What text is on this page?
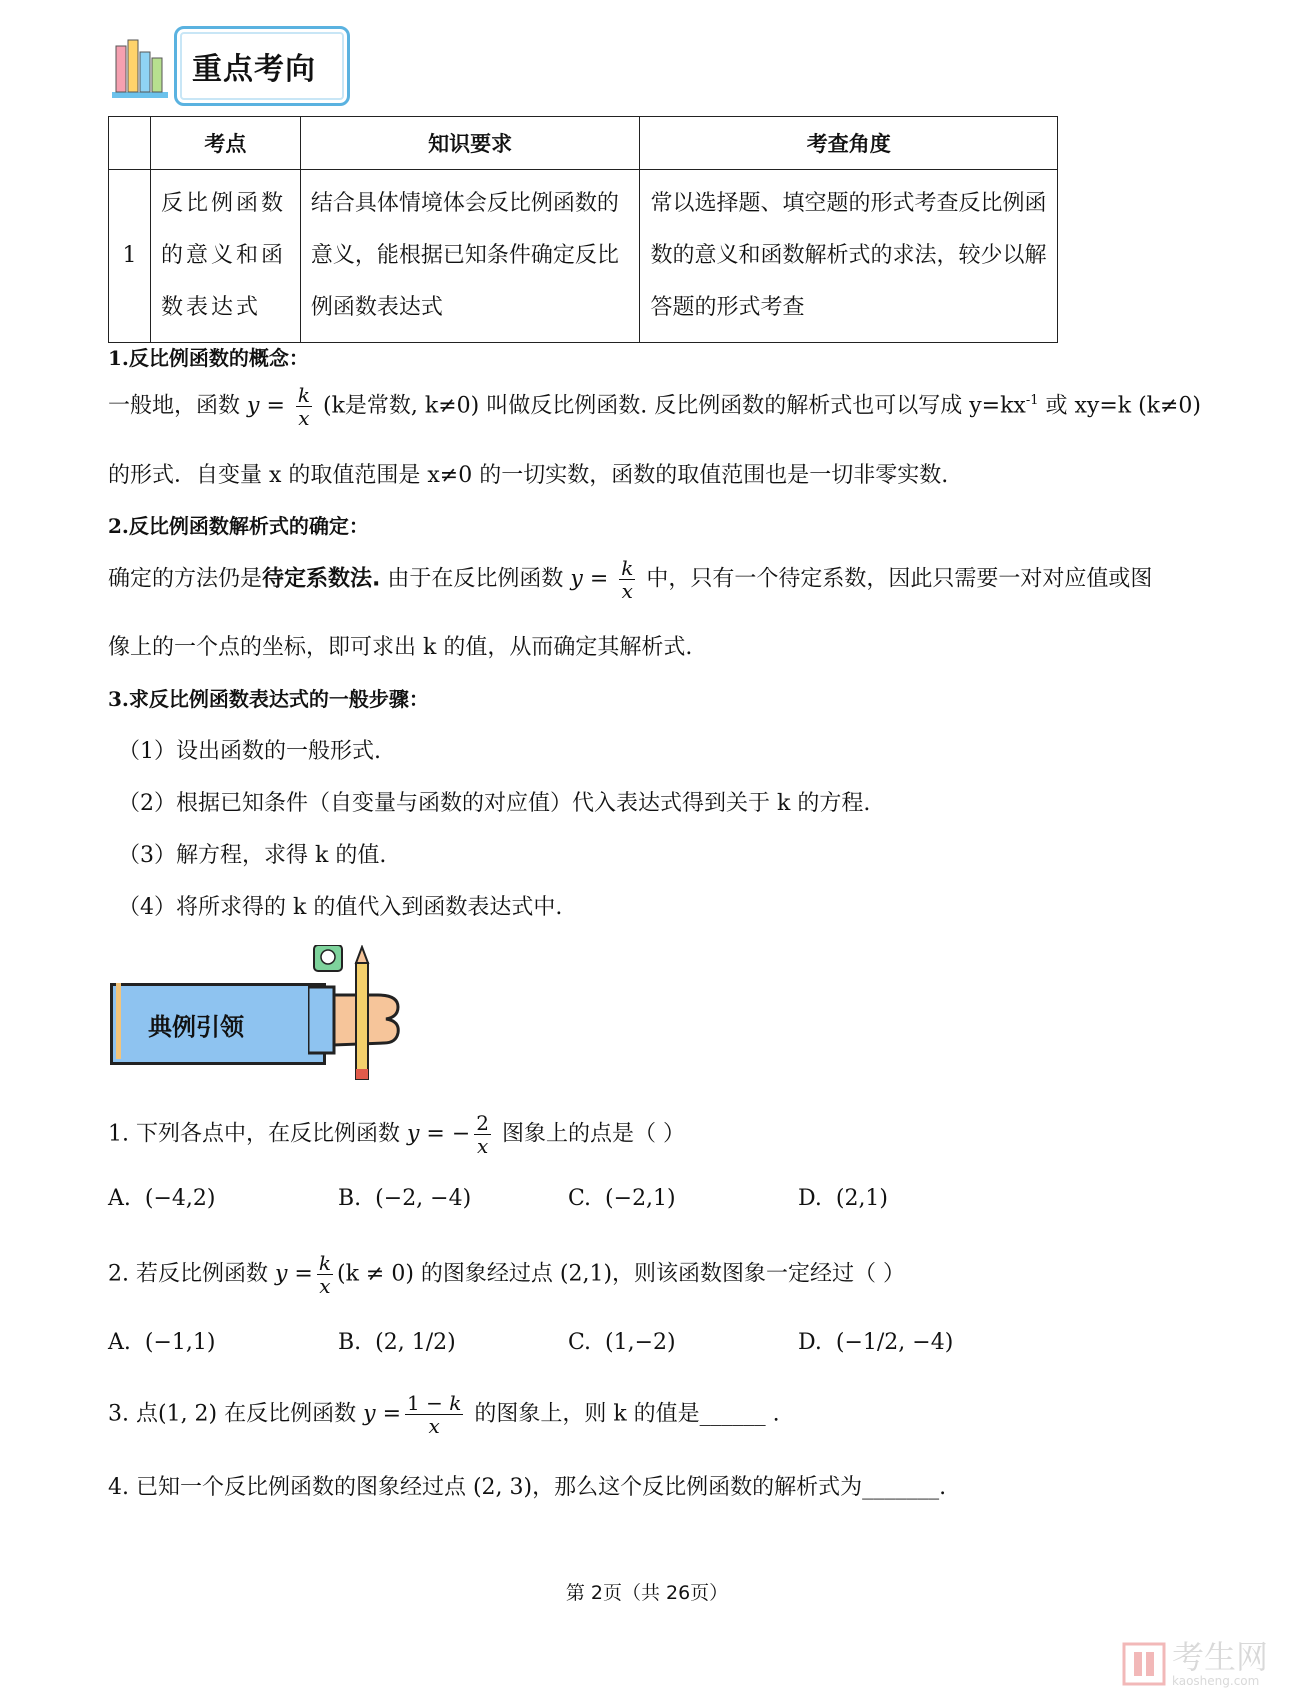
重点考向
	考点	知识要求	考查角度
1	反比例函数的意义和函数表达式	结合具体情境体会反比例函数的意义，能根据已知条件确定反比例函数表达式	常以选择题、填空题的形式考查反比例函数的意义和函数解析式的求法，较少以解答题的形式考查
1.反比例函数的概念：
一般地，函数 $y = \frac{k}{x} (k$是常数, k≠0) 叫做反比例函数. 反比例函数的解析式也可以写成 $y=kx^{-1}$ 或 xy=k (k≠0)
的形式．自变量 x 的取值范围是 x≠0 的一切实数，函数的取值范围也是一切非零实数.
2.反比例函数解析式的确定：
确定的方法仍是待定系数法. 由于在反比例函数 $y = \frac{k}{x}$ 中，只有一个待定系数，因此只需要一对对应值或图
像上的一个点的坐标，即可求出 k 的值，从而确定其解析式.
3.求反比例函数表达式的一般步骤：
（1）设出函数的一般形式.
（2）根据已知条件（自变量与函数的对应值）代入表达式得到关于 k 的方程.
（3）解方程，求得 k 的值.
（4）将所求得的 k 的值代入到函数表达式中.
典例引领
1. 下列各点中，在反比例函数 y = − $\frac{2}{x}$ 图象上的点是（ ）
A. (−4,2)	B. (−2, −4)	C. (−2,1)	D. (2,1)
2. 若反比例函数 $y = \frac{k}{x} (k \ne 0)$ 的图象经过点 (2,1)，则该函数图象一定经过（ ）
A. (−1,1)	B. (2, 1/2)	C. (1,−2)	D. (−1/2, −4)
3. 点(1, 2) 在反比例函数 $y = \frac{1 - k}{x}$ 的图象上，则 k 的值是______ .
4. 已知一个反比例函数的图象经过点 (2, 3)，那么这个反比例函数的解析式为_______.
第 2页（共 26页）
考生网
kaosheng.com
